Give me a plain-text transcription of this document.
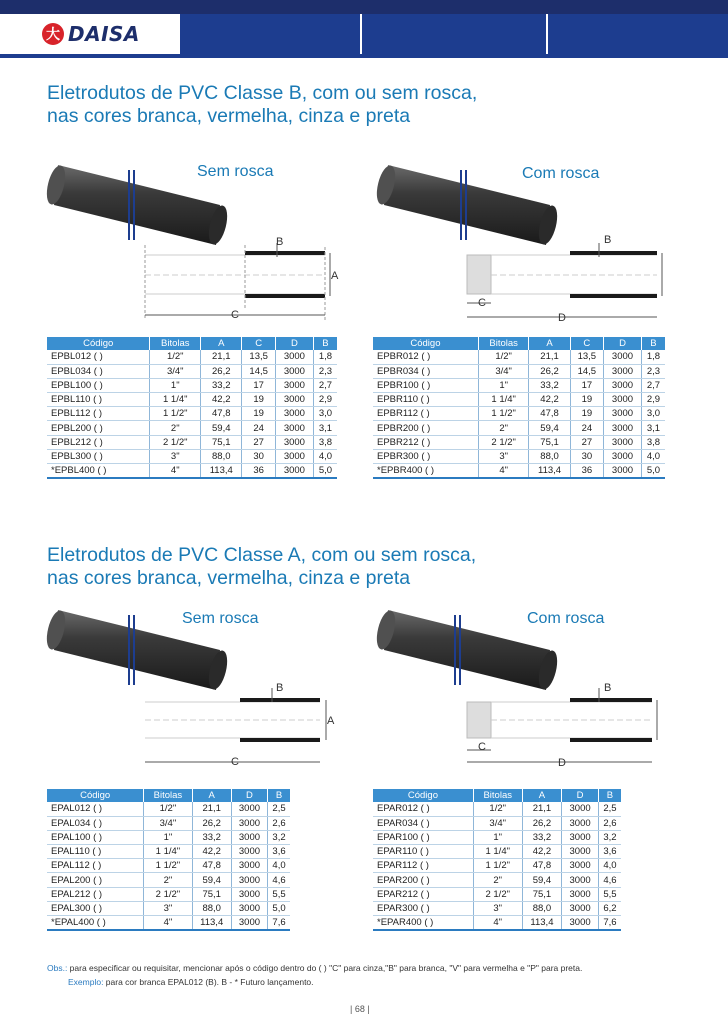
大 DAISA
Eletrodutos de PVC Classe B, com ou sem rosca,
nas cores branca, vermelha, cinza e preta
Sem rosca	Com rosca
B
A
C
B
C
D
Código	Bitolas	A	C	D	B
EPBL012 ( )	1/2"	21,1	13,5	3000	1,8
EPBL034 ( )	3/4"	26,2	14,5	3000	2,3
EPBL100 ( )	1"	33,2	17	3000	2,7
EPBL110 ( )	1 1/4"	42,2	19	3000	2,9
EPBL112 ( )	1 1/2"	47,8	19	3000	3,0
EPBL200 ( )	2"	59,4	24	3000	3,1
EPBL212 ( )	2 1/2"	75,1	27	3000	3,8
EPBL300 ( )	3"	88,0	30	3000	4,0
*EPBL400 ( )	4"	113,4	36	3000	5,0
Código	Bitolas	A	C	D	B
EPBR012 ( )	1/2"	21,1	13,5	3000	1,8
EPBR034 ( )	3/4"	26,2	14,5	3000	2,3
EPBR100 ( )	1"	33,2	17	3000	2,7
EPBR110 ( )	1 1/4"	42,2	19	3000	2,9
EPBR112 ( )	1 1/2"	47,8	19	3000	3,0
EPBR200 ( )	2"	59,4	24	3000	3,1
EPBR212 ( )	2 1/2"	75,1	27	3000	3,8
EPBR300 ( )	3"	88,0	30	3000	4,0
*EPBR400 ( )	4"	113,4	36	3000	5,0
Eletrodutos de PVC Classe A, com ou sem rosca,
nas cores branca, vermelha, cinza e preta
Sem rosca	Com rosca
B
A
C
B
C
D
Código	Bitolas	A	D	B
EPAL012 ( )	1/2"	21,1	3000	2,5
EPAL034 ( )	3/4"	26,2	3000	2,6
EPAL100 ( )	1"	33,2	3000	3,2
EPAL110 ( )	1 1/4"	42,2	3000	3,6
EPAL112 ( )	1 1/2"	47,8	3000	4,0
EPAL200 ( )	2"	59,4	3000	4,6
EPAL212 ( )	2 1/2"	75,1	3000	5,5
EPAL300 ( )	3"	88,0	3000	5,0
*EPAL400 ( )	4"	113,4	3000	7,6
Código	Bitolas	A	D	B
EPAR012 ( )	1/2"	21,1	3000	2,5
EPAR034 ( )	3/4"	26,2	3000	2,6
EPAR100 ( )	1"	33,2	3000	3,2
EPAR110 ( )	1 1/4"	42,2	3000	3,6
EPAR112 ( )	1 1/2"	47,8	3000	4,0
EPAR200 ( )	2"	59,4	3000	4,6
EPAR212 ( )	2 1/2"	75,1	3000	5,5
EPAR300 ( )	3"	88,0	3000	6,2
*EPAR400 ( )	4"	113,4	3000	7,6
Obs.: para especificar ou requisitar, mencionar após o código dentro do ( ) "C" para cinza,"B" para branca, "V" para vermelha e "P" para preta.
Exemplo: para cor branca EPAL012 (B). B - * Futuro lançamento.
| 68 |
